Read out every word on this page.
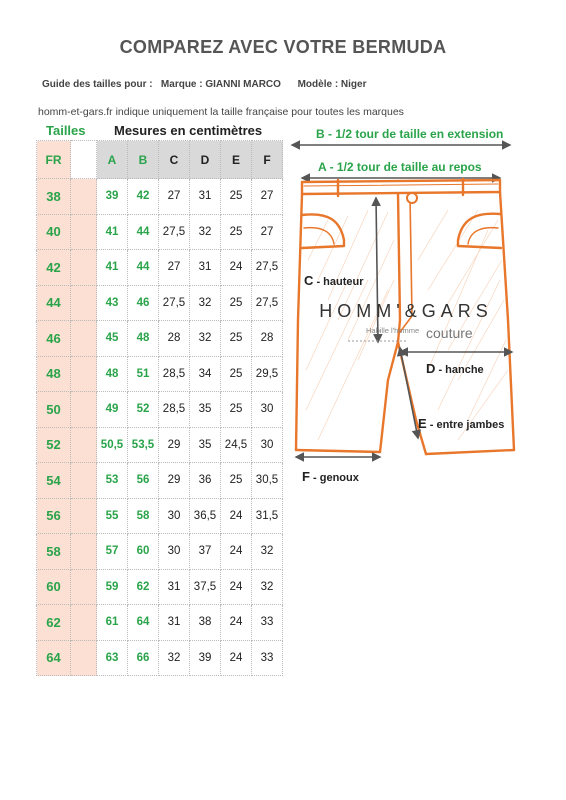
COMPAREZ AVEC VOTRE BERMUDA
Guide des tailles pour : Marque : GIANNI MARCO Modèle : Niger
homm-et-gars.fr indique uniquement la taille française pour toutes les marques
Tailles Mesures en centimètres
FR		A	B	C	D	E	F
38		39	42	27	31	25	27
40		41	44	27,5	32	25	27
42		41	44	27	31	24	27,5
44		43	46	27,5	32	25	27,5
46		45	48	28	32	25	28
48		48	51	28,5	34	25	29,5
50		49	52	28,5	35	25	30
52		50,5	53,5	29	35	24,5	30
54		53	56	29	36	25	30,5
56		55	58	30	36,5	24	31,5
58		57	60	30	37	24	32
60		59	62	31	37,5	24	32
62		61	64	31	38	24	33
64		63	66	32	39	24	33
B - 1/2 tour de taille en extension
A - 1/2 tour de taille au repos
C - hauteur
HOMM'&GARS
Habille l'homme couture
D - hanche
E - entre jambes
F - genoux
